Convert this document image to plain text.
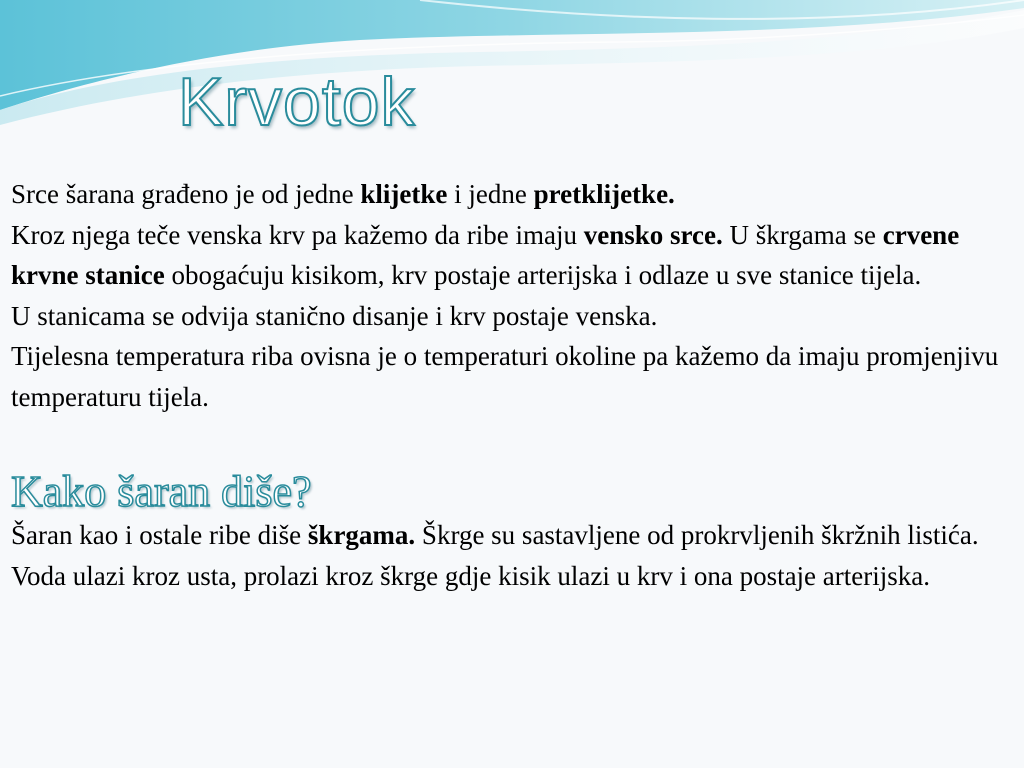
Krvotok

Srce šarana građeno je od jedne klijetke i jedne pretklijetke.

Kroz njega teče venska krv pa kažemo da ribe imaju vensko srce. U škrgama se crvene krvne stanice obogaćuju kisikom, krv postaje arterijska i odlaze u sve stanice tijela.

U stanicama se odvija stanično disanje i krv postaje venska.

Tijelesna temperatura riba ovisna je o temperaturi okoline pa kažemo da imaju promjenjivu temperaturu tijela.

Kako šaran diše?

Šaran kao i ostale ribe diše škrgama. Škrge su sastavljene od prokrvljenih škržnih listića. Voda ulazi kroz usta, prolazi kroz škrge gdje kisik ulazi u krv i ona postaje arterijska.
